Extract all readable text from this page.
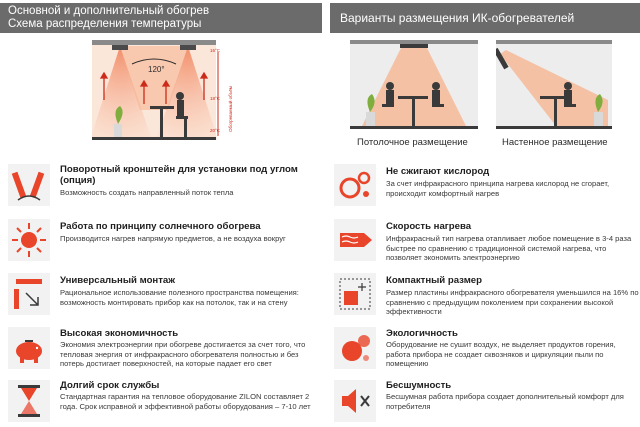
Основной и дополнительный обогрев
Схема распределения температуры	Варианты размещения ИК-обогревателей
120°
16°С
18°С
20°С Обогреваемый объём
Потолочное размещение	Настенное размещение
Поворотный кронштейн для установки под углом (опция)
Возможность создать направленный поток тепла
Работа по принципу солнечного обогрева
Производится нагрев напрямую предметов, а не воздуха вокруг
Универсальный монтаж
Рациональное использование полезного пространства помещения: возможность монтировать прибор как на потолок, так и на стену
Высокая экономичность
Экономия электроэнергии при обогреве достигается за счет того, что тепловая энергия от инфракрасного обогревателя полностью и без потерь достигает поверхностей, на которые падает его свет
Долгий срок службы
Стандартная гарантия на тепловое оборудование ZILON составляет 2 года. Срок исправной и эффективной работы оборудования – 7-10 лет
Не сжигают кислород
За счет инфракрасного принципа нагрева кислород не сгорает, происходит комфортный нагрев
Скорость нагрева
Инфракрасный тип нагрева отапливает любое помещение в 3-4 раза быстрее по сравнению с традиционной системой нагрева, что позволяет экономить электроэнергию
Компактный размер
Размер пластины инфракрасного обогревателя уменьшился на 16% по сравнению с предыдущим поколением при сохранении высокой эффективности
Экологичность
Оборудование не сушит воздух, не выделяет продуктов горения, работа прибора не создает сквозняков и циркуляции пыли по помещению
Бесшумность
Бесшумная работа прибора создает дополнительный комфорт для потребителя
